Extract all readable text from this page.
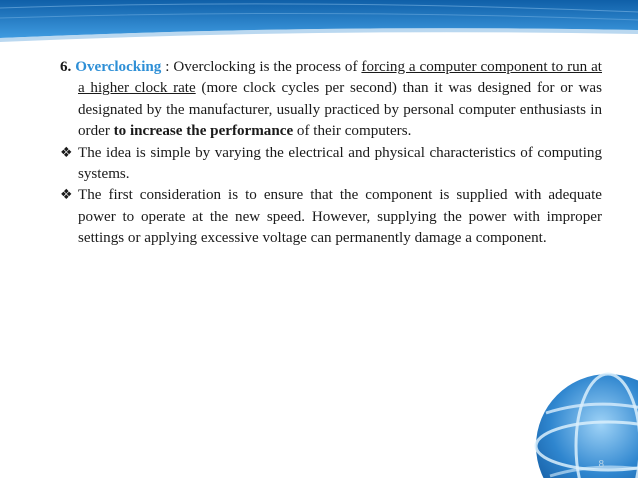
6. Overclocking : Overclocking is the process of forcing a computer component to run at a higher clock rate (more clock cycles per second) than it was designed for or was designated by the manufacturer, usually practiced by personal computer enthusiasts in order to increase the performance of their computers.

❖ The idea is simple by varying the electrical and physical characteristics of computing systems.

❖ The first consideration is to ensure that the component is supplied with adequate power to operate at the new speed. However, supplying the power with improper settings or applying excessive voltage can permanently damage a component.

8
